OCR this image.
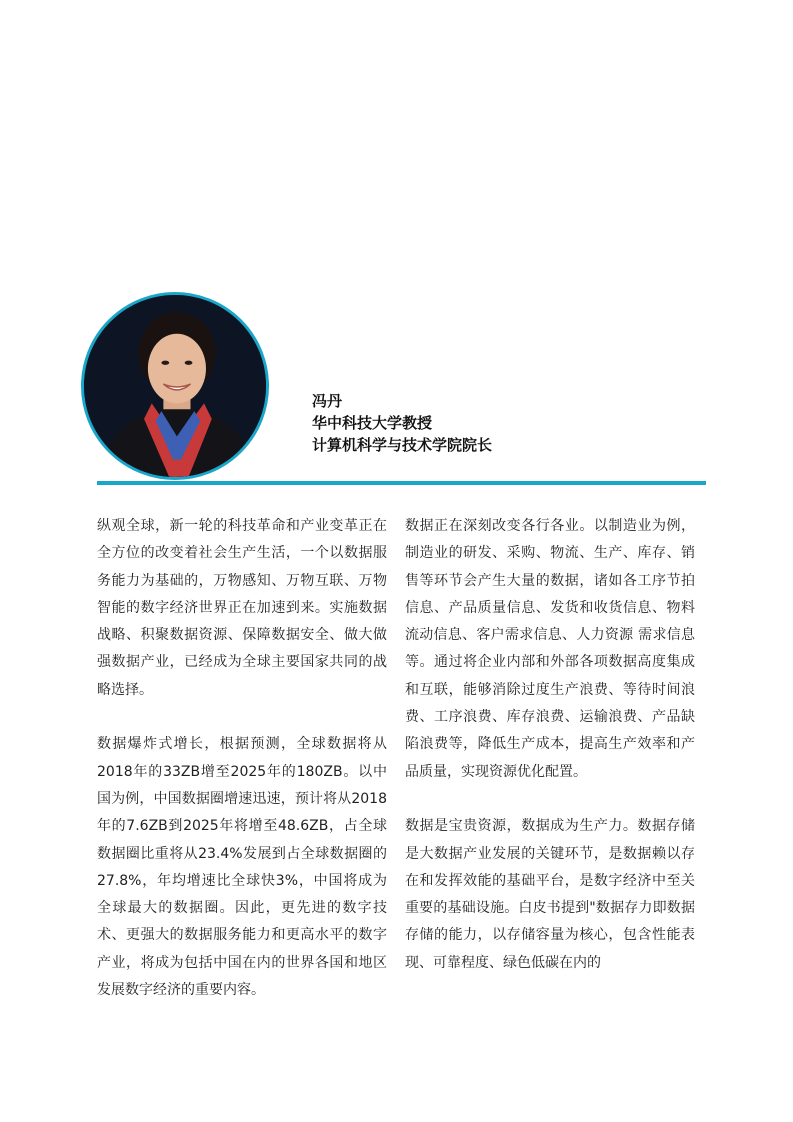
冯丹
华中科技大学教授
计算机科学与技术学院院长

纵观全球，新一轮的科技革命和产业变革正在全方位的改变着社会生产生活，一个以数据服务能力为基础的，万物感知、万物互联、万物智能的数字经济世界正在加速到来。实施数据战略、积聚数据资源、保障数据安全、做大做强数据产业，已经成为全球主要国家共同的战略选择。

数据爆炸式增长，根据预测，全球数据将从2018年的33ZB增至2025年的180ZB。以中国为例，中国数据圈增速迅速，预计将从2018年的7.6ZB到2025年将增至48.6ZB，占全球数据圈比重将从23.4%发展到占全球数据圈的27.8%，年均增速比全球快3%，中国将成为全球最大的数据圈。因此，更先进的数字技术、更强大的数据服务能力和更高水平的数字产业，将成为包括中国在内的世界各国和地区发展数字经济的重要内容。

数据正在深刻改变各行各业。以制造业为例，制造业的研发、采购、物流、生产、库存、销售等环节会产生大量的数据，诸如各工序节拍信息、产品质量信息、发货和收货信息、物料流动信息、客户需求信息、人力资源 需求信息等。通过将企业内部和外部各项数据高度集成和互联，能够消除过度生产浪费、等待时间浪费、工序浪费、库存浪费、运输浪费、产品缺陷浪费等，降低生产成本，提高生产效率和产品质量，实现资源优化配置。

数据是宝贵资源，数据成为生产力。数据存储是大数据产业发展的关键环节，是数据赖以存在和发挥效能的基础平台，是数字经济中至关重要的基础设施。白皮书提到"数据存力即数据存储的能力，以存储容量为核心，包含性能表现、可靠程度、绿色低碳在内的
